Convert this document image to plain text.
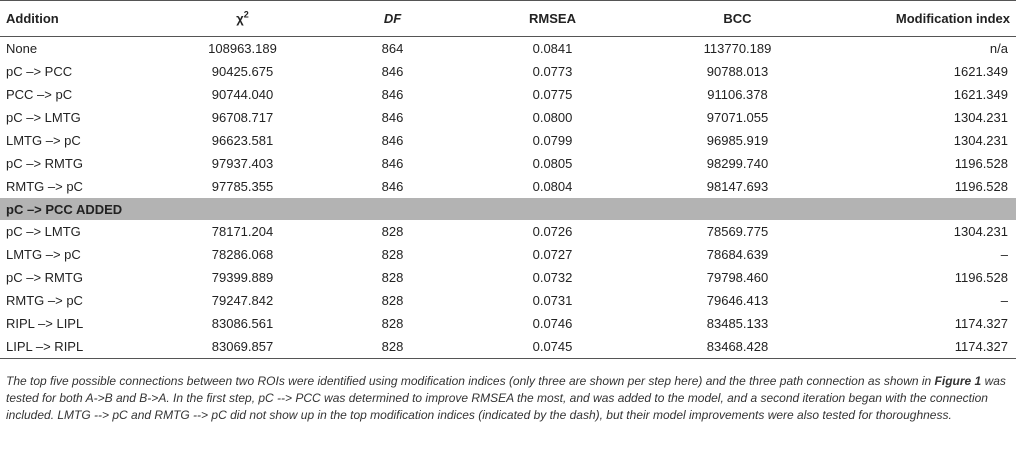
Addition	$\chi^2$	DF	RMSEA	BCC	Modification index
None	108963.189	864	0.0841	113770.189	n/a
pC –> PCC	90425.675	846	0.0773	90788.013	1621.349
PCC –> pC	90744.040	846	0.0775	91106.378	1621.349
pC –> LMTG	96708.717	846	0.0800	97071.055	1304.231
LMTG –> pC	96623.581	846	0.0799	96985.919	1304.231
pC –> RMTG	97937.403	846	0.0805	98299.740	1196.528
RMTG –> pC	97785.355	846	0.0804	98147.693	1196.528
pC –> PCC ADDED					
pC –> LMTG	78171.204	828	0.0726	78569.775	1304.231
LMTG –> pC	78286.068	828	0.0727	78684.639	–
pC –> RMTG	79399.889	828	0.0732	79798.460	1196.528
RMTG –> pC	79247.842	828	0.0731	79646.413	–
RIPL –> LIPL	83086.561	828	0.0746	83485.133	1174.327
LIPL –> RIPL	83069.857	828	0.0745	83468.428	1174.327
The top five possible connections between two ROIs were identified using modification indices (only three are shown per step here) and the three path connection as shown in Figure 1 was tested for both A->B and B->A. In the first step, pC --> PCC was determined to improve RMSEA the most, and was added to the model, and a second iteration began with the connection included. LMTG --> pC and RMTG --> pC did not show up in the top modification indices (indicated by the dash), but their model improvements were also tested for thoroughness.
